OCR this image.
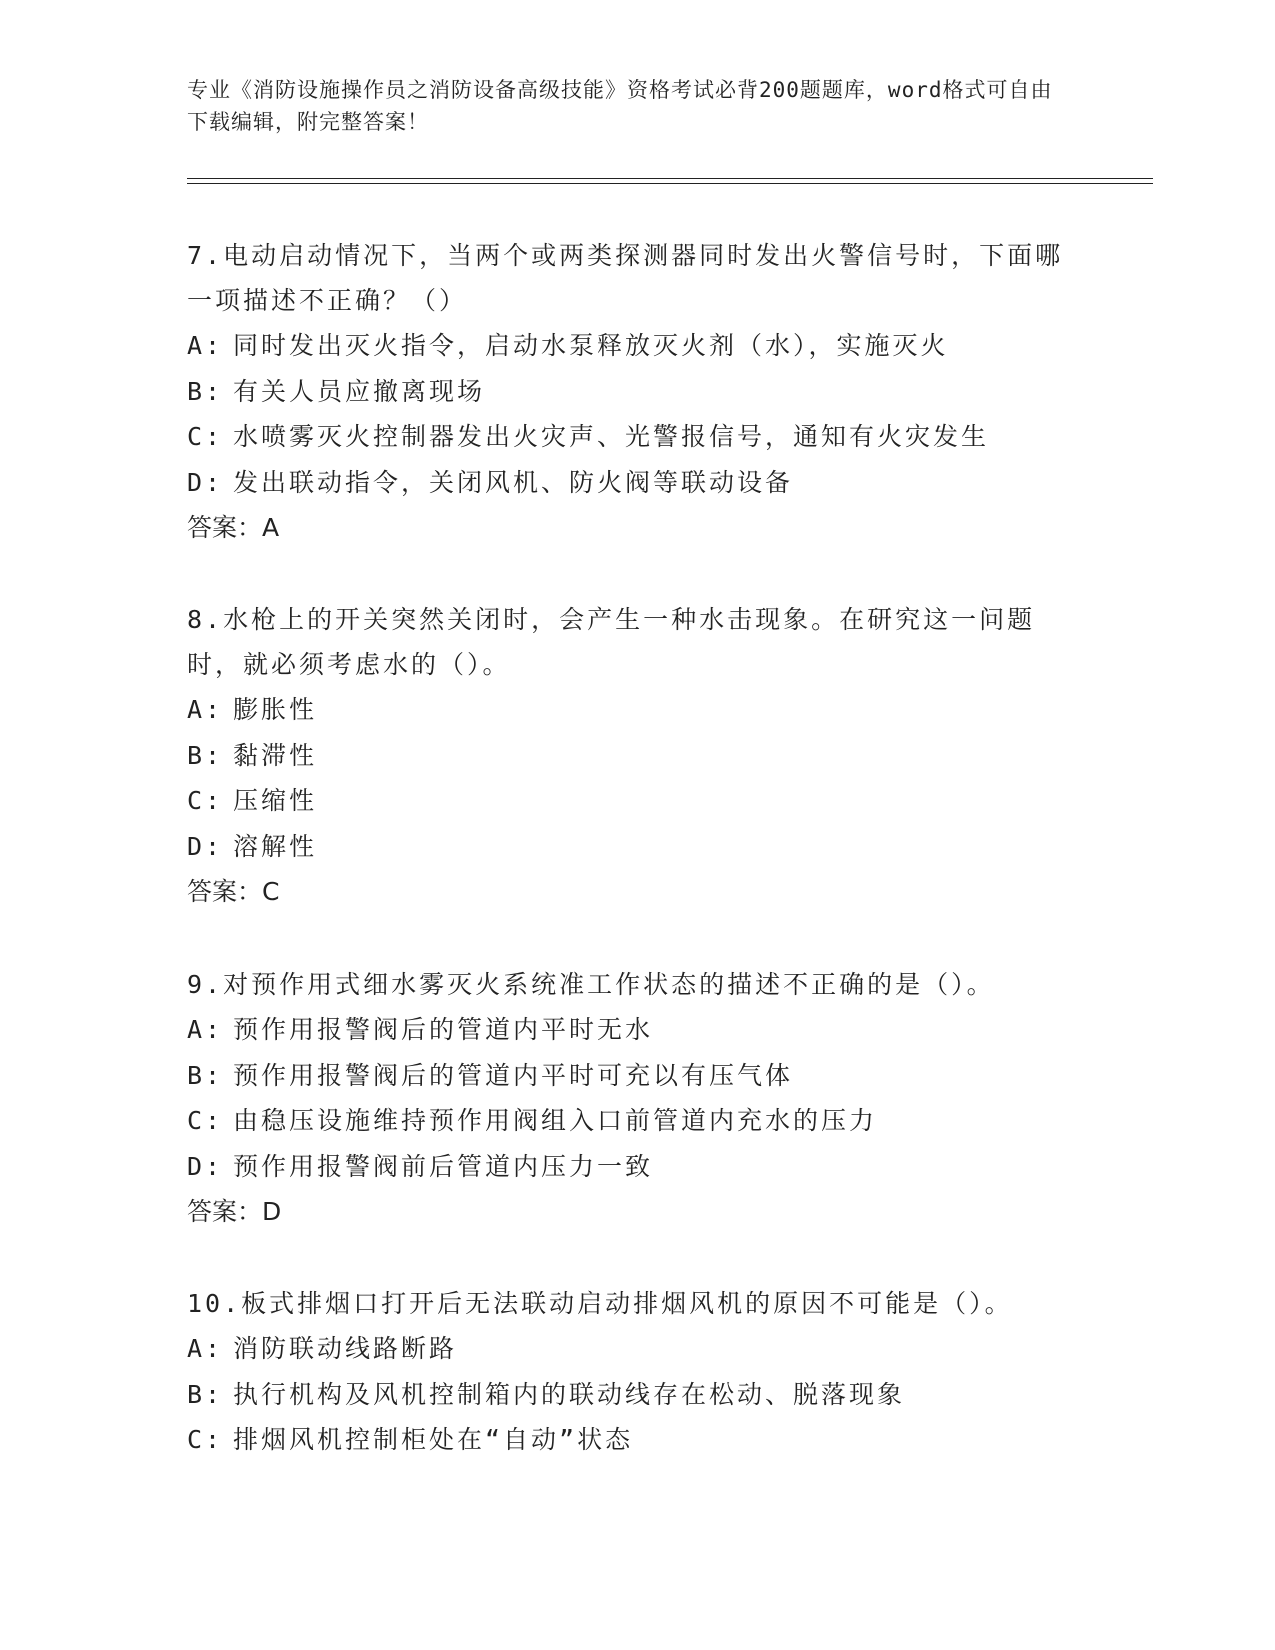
专业《消防设施操作员之消防设备高级技能》资格考试必背200题题库，word格式可自由下载编辑，附完整答案！

7.电动启动情况下，当两个或两类探测器同时发出火警信号时，下面哪一项描述不正确？（）

A: 同时发出灭火指令，启动水泵释放灭火剂（水），实施灭火

B: 有关人员应撤离现场

C: 水喷雾灭火控制器发出火灾声、光警报信号，通知有火灾发生

D: 发出联动指令，关闭风机、防火阀等联动设备

答案：A

8.水枪上的开关突然关闭时，会产生一种水击现象。在研究这一问题时，就必须考虑水的（）。

A: 膨胀性

B: 黏滞性

C: 压缩性

D: 溶解性

答案：C

9.对预作用式细水雾灭火系统准工作状态的描述不正确的是（）。

A: 预作用报警阀后的管道内平时无水

B: 预作用报警阀后的管道内平时可充以有压气体

C: 由稳压设施维持预作用阀组入口前管道内充水的压力

D: 预作用报警阀前后管道内压力一致

答案：D

10.板式排烟口打开后无法联动启动排烟风机的原因不可能是（）。

A: 消防联动线路断路

B: 执行机构及风机控制箱内的联动线存在松动、脱落现象

C: 排烟风机控制柜处在“自动”状态
